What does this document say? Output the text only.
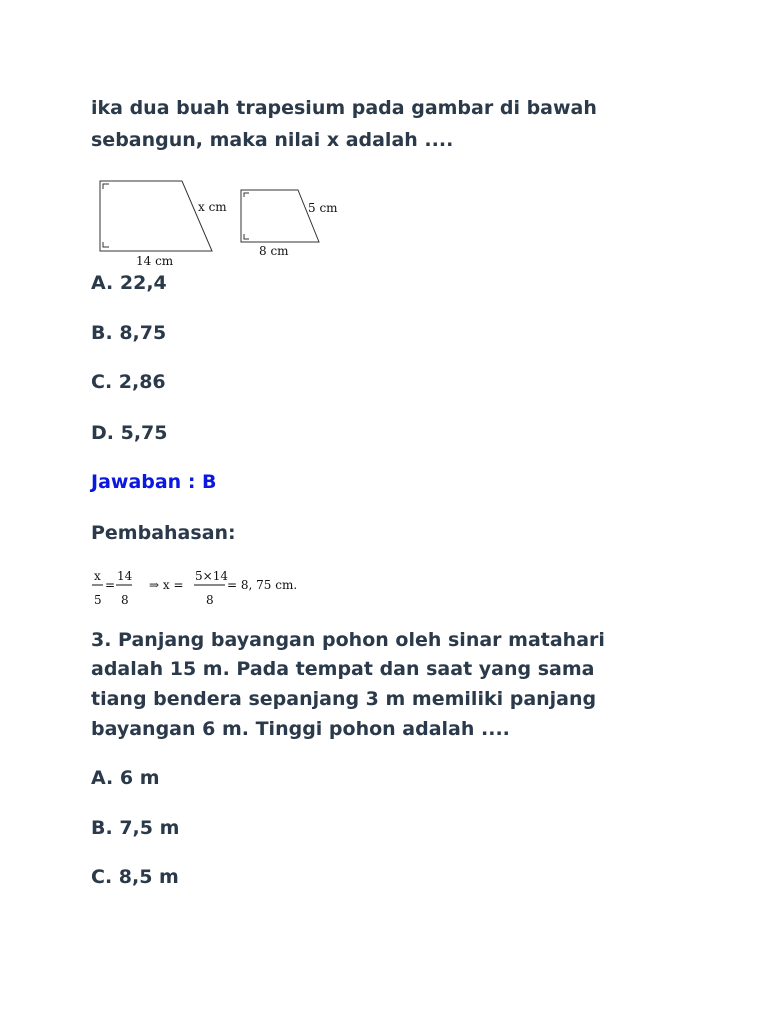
ika dua buah trapesium pada gambar di bawah

sebangun, maka nilai x adalah ....

x cm
14 cm
5 cm
8 cm

A. 22,4

B. 8,75

C. 2,86

D. 5,75

Jawaban : B

Pembahasan:

x
5
=
14
8
⇒ x =
5×14
8
= 8, 75 cm.

3. Panjang bayangan pohon oleh sinar matahari

adalah 15 m. Pada tempat dan saat yang sama

tiang bendera sepanjang 3 m memiliki panjang

bayangan 6 m. Tinggi pohon adalah ....

A. 6 m

B. 7,5 m

C. 8,5 m
